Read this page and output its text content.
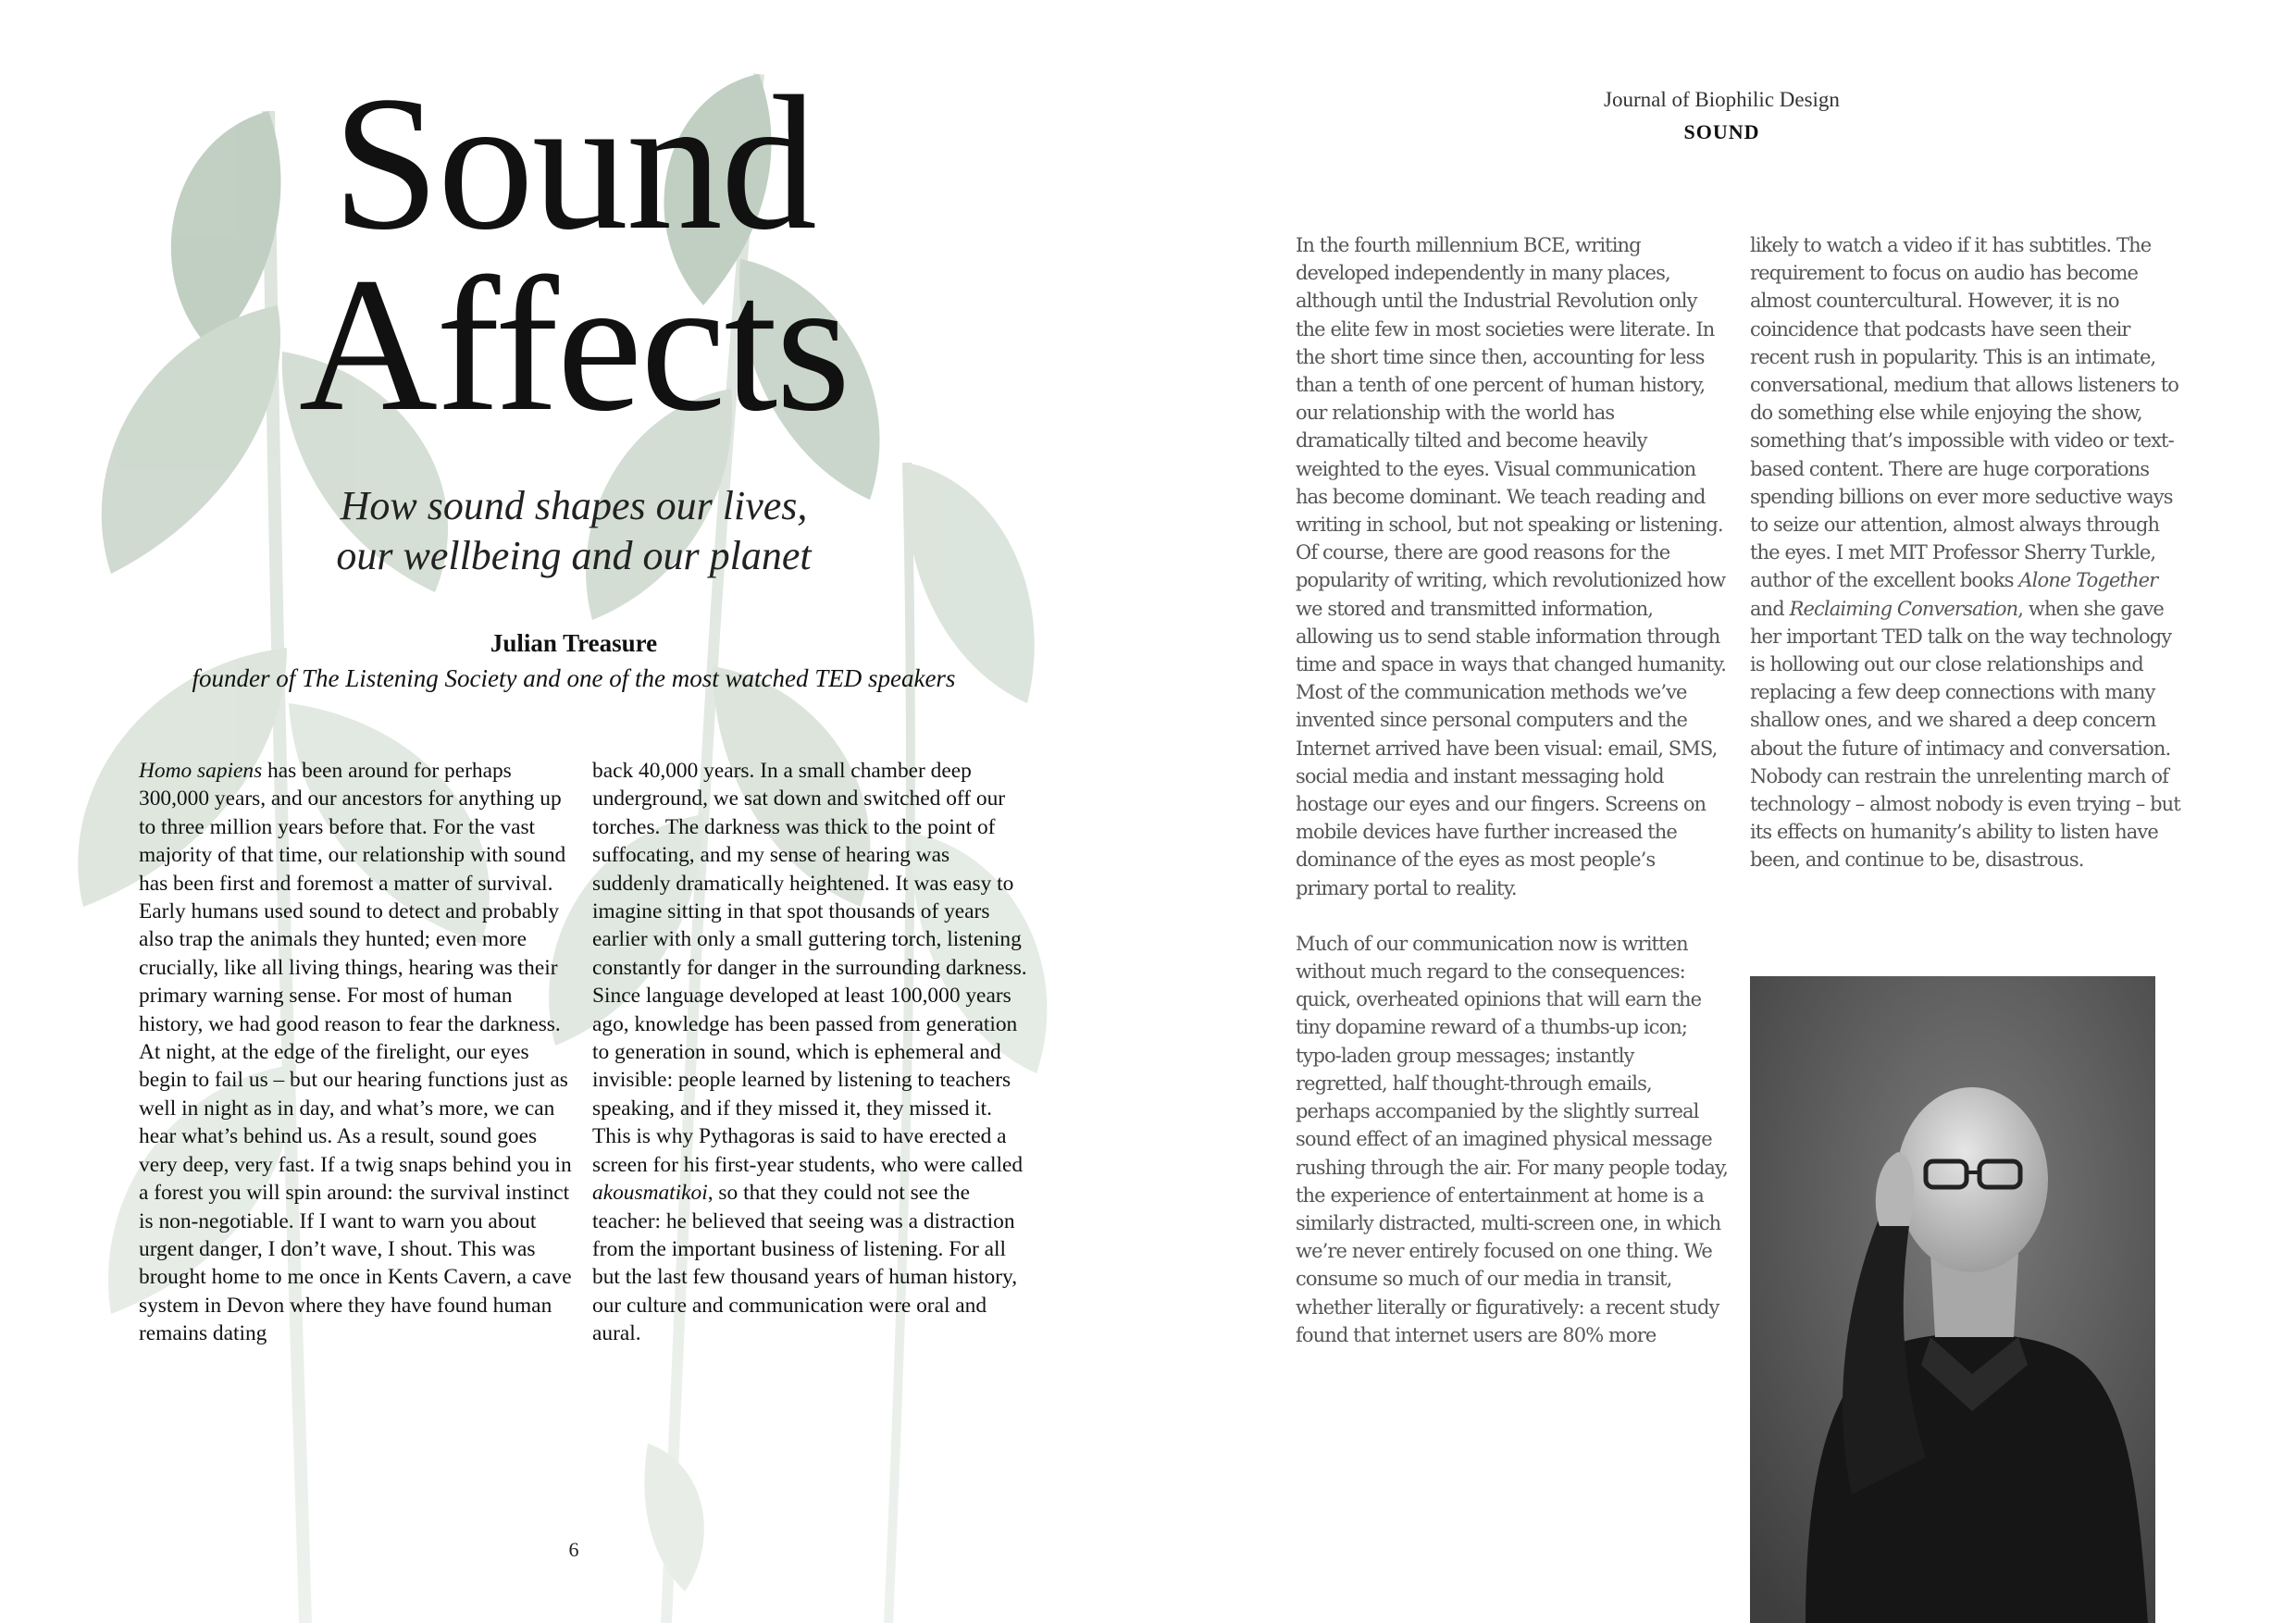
Sound
Affects
How sound shapes our lives,
our wellbeing and our planet
Julian Treasure
founder of The Listening Society and one of the most watched TED speakers

Homo sapiens has been around for perhaps 300,000 years, and our ancestors for anything up to three million years before that. For the vast majority of that time, our relationship with sound has been first and foremost a matter of survival. Early humans used sound to detect and probably also trap the animals they hunted; even more crucially, like all living things, hearing was their primary warning sense. For most of human history, we had good reason to fear the darkness. At night, at the edge of the firelight, our eyes begin to fail us – but our hearing functions just as well in night as in day, and what’s more, we can hear what’s behind us. As a result, sound goes very deep, very fast. If a twig snaps behind you in a forest you will spin around: the survival instinct is non-negotiable. If I want to warn you about urgent danger, I don’t wave, I shout. This was brought home to me once in Kents Cavern, a cave system in Devon where they have found human remains dating

back 40,000 years. In a small chamber deep underground, we sat down and switched off our torches. The darkness was thick to the point of suffocating, and my sense of hearing was suddenly dramatically heightened. It was easy to imagine sitting in that spot thousands of years earlier with only a small guttering torch, listening constantly for danger in the surrounding darkness. Since language developed at least 100,000 years ago, knowledge has been passed from generation to generation in sound, which is ephemeral and invisible: people learned by listening to teachers speaking, and if they missed it, they missed it. This is why Pythagoras is said to have erected a screen for his first-year students, who were called akousmatikoi, so that they could not see the teacher: he believed that seeing was a distraction from the important business of listening. For all but the last few thousand years of human history, our culture and communication were oral and aural.

6
Journal of Biophilic Design
SOUND

In the fourth millennium BCE, writing developed independently in many places, although until the Industrial Revolution only the elite few in most societies were literate. In the short time since then, accounting for less than a tenth of one percent of human history, our relationship with the world has dramatically tilted and become heavily weighted to the eyes. Visual communication has become dominant. We teach reading and writing in school, but not speaking or listening. Of course, there are good reasons for the popularity of writing, which revolutionized how we stored and transmitted information, allowing us to send stable information through time and space in ways that changed humanity. Most of the communication methods we’ve invented since personal computers and the Internet arrived have been visual: email, SMS, social media and instant messaging hold hostage our eyes and our fingers. Screens on mobile devices have further increased the dominance of the eyes as most people’s primary portal to reality.

Much of our communication now is written without much regard to the consequences: quick, overheated opinions that will earn the tiny dopamine reward of a thumbs-up icon; typo-laden group messages; instantly regretted, half thought-through emails, perhaps accompanied by the slightly surreal sound effect of an imagined physical message rushing through the air. For many people today, the experience of entertainment at home is a similarly distracted, multi-screen one, in which we’re never entirely focused on one thing. We consume so much of our media in transit, whether literally or figuratively: a recent study found that internet users are 80% more

likely to watch a video if it has subtitles. The requirement to focus on audio has become almost countercultural. However, it is no coincidence that podcasts have seen their recent rush in popularity. This is an intimate, conversational, medium that allows listeners to do something else while enjoying the show, something that’s impossible with video or text-based content. There are huge corporations spending billions on ever more seductive ways to seize our attention, almost always through the eyes. I met MIT Professor Sherry Turkle, author of the excellent books Alone Together and Reclaiming Conversation, when she gave her important TED talk on the way technology is hollowing out our close relationships and replacing a few deep connections with many shallow ones, and we shared a deep concern about the future of intimacy and conversation. Nobody can restrain the unrelenting march of technology – almost nobody is even trying – but its effects on humanity’s ability to listen have been, and continue to be, disastrous.
